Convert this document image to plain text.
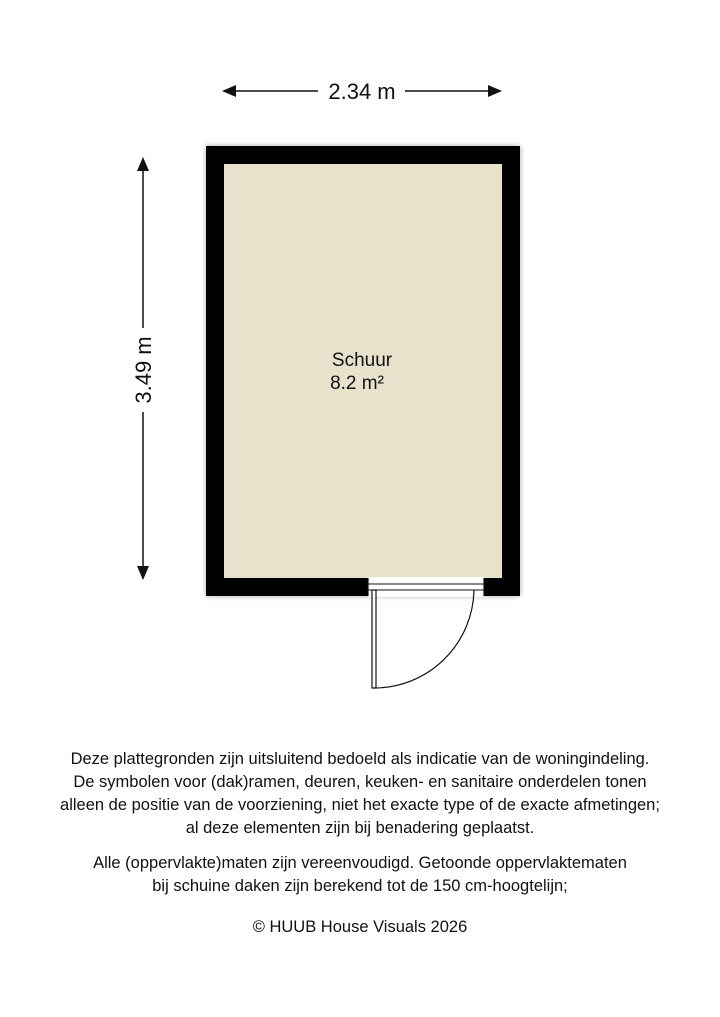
2.34 m
3.49 m	Schuur
8.2 m²

Deze plattegronden zijn uitsluitend bedoeld als indicatie van de woningindeling.

De symbolen voor (dak)ramen, deuren, keuken- en sanitaire onderdelen tonen

alleen de positie van de voorziening, niet het exacte type of de exacte afmetingen;

al deze elementen zijn bij benadering geplaatst.

Alle (oppervlakte)maten zijn vereenvoudigd. Getoonde oppervlaktematen

bij schuine daken zijn berekend tot de 150 cm-hoogtelijn;

© HUUB House Visuals 2026
